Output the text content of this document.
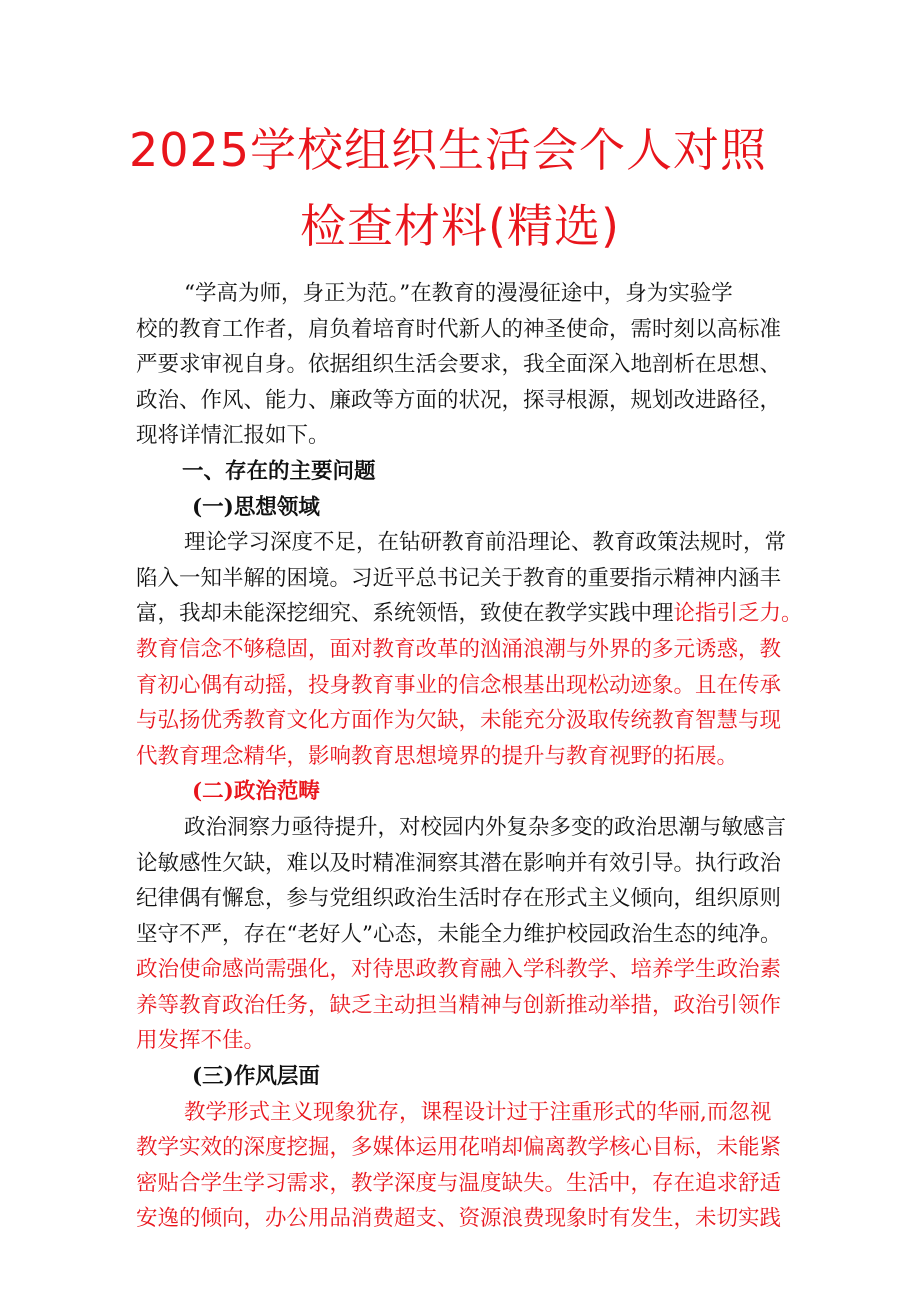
2025学校组织生活会个人对照
检查材料(精选)
“学高为师，身正为范。”在教育的漫漫征途中，身为实验学
校的教育工作者，肩负着培育时代新人的神圣使命，需时刻以高标准
严要求审视自身。依据组织生活会要求，我全面深入地剖析在思想、
政治、作风、能力、廉政等方面的状况，探寻根源，规划改进路径，
现将详情汇报如下。
一、存在的主要问题
(一)思想领域
理论学习深度不足，在钻研教育前沿理论、教育政策法规时，常
陷入一知半解的困境。习近平总书记关于教育的重要指示精神内涵丰
富，我却未能深挖细究、系统领悟，致使在教学实践中理论指引乏力。
教育信念不够稳固，面对教育改革的汹涌浪潮与外界的多元诱惑，教
育初心偶有动摇，投身教育事业的信念根基出现松动迹象。且在传承
与弘扬优秀教育文化方面作为欠缺，未能充分汲取传统教育智慧与现
代教育理念精华，影响教育思想境界的提升与教育视野的拓展。
(二)政治范畴
政治洞察力亟待提升，对校园内外复杂多变的政治思潮与敏感言
论敏感性欠缺，难以及时精准洞察其潜在影响并有效引导。执行政治
纪律偶有懈怠，参与党组织政治生活时存在形式主义倾向，组织原则
坚守不严，存在“老好人”心态，未能全力维护校园政治生态的纯净。
政治使命感尚需强化，对待思政教育融入学科教学、培养学生政治素
养等教育政治任务，缺乏主动担当精神与创新推动举措，政治引领作
用发挥不佳。
(三)作风层面
教学形式主义现象犹存，课程设计过于注重形式的华丽,而忽视
教学实效的深度挖掘，多媒体运用花哨却偏离教学核心目标，未能紧
密贴合学生学习需求，教学深度与温度缺失。生活中，存在追求舒适
安逸的倾向，办公用品消费超支、资源浪费现象时有发生，未切实践
